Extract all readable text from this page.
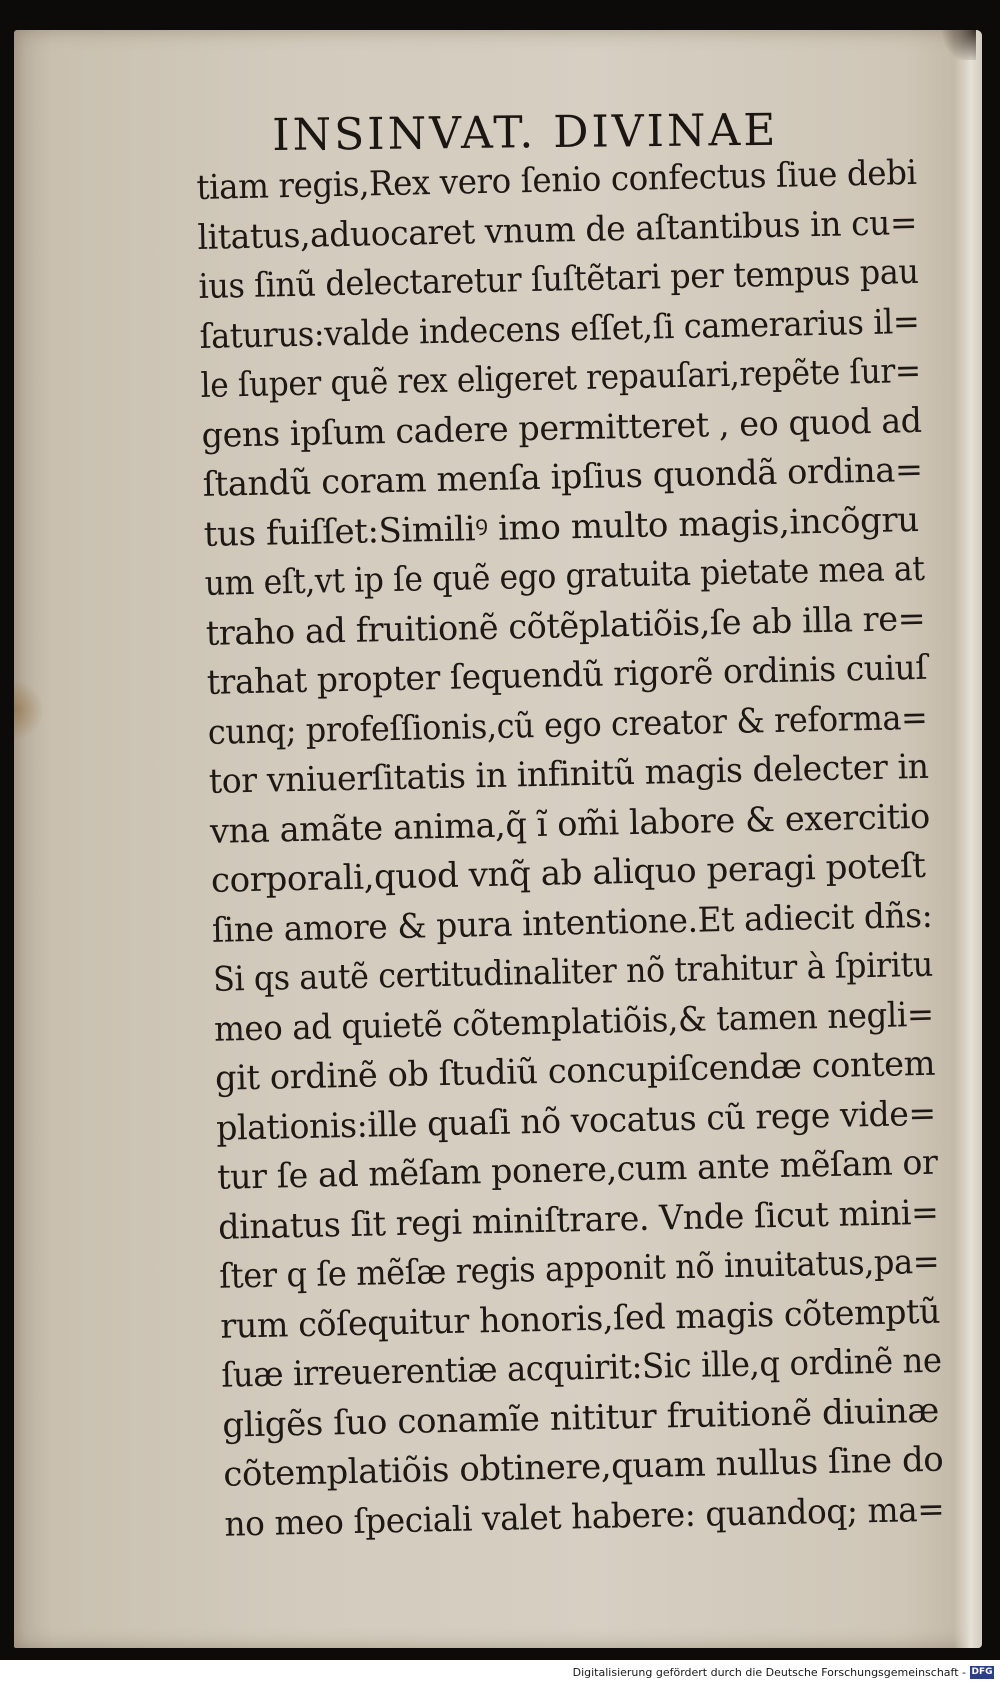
INSINVAT. DIVINAE
tiam regis,Rex vero ſenio confectus ſiue debi
litatus,aduocaret vnum de aſtantibus in cu=
ius ſinũ delectaretur ſuſtẽtari per tempus pau
ſaturus:valde indecens eſſet,ſi camerarius il=
le ſuper quẽ rex eligeret repauſari,repẽte ſur=
gens ipſum cadere permitteret , eo quod ad
ſtandũ coram menſa ipſius quondã ordina=
tus fuiſſet:Similiꝰ imo multo magis,incõgru
um eſt,vt ip ſe quẽ ego gratuita pietate mea at
traho ad fruitionẽ cõtẽplatiõis,ſe ab illa re=
trahat propter ſequendũ rigorẽ ordinis cuiuſ
cunq; profeſſionis,cũ ego creator & reforma=
tor vniuerſitatis in infinitũ magis delecter in
vna amãte anima,q̃ ĩ om̃i labore & exercitio
corporali,quod vnq̃ ab aliquo peragi poteſt
ſine amore & pura intentione.Et adiecit dñs:
Si qs autẽ certitudinaliter nõ trahitur à ſpiritu
meo ad quietẽ cõtemplatiõis,& tamen negli=
git ordinẽ ob ſtudiũ concupiſcendæ contem
plationis:ille quaſi nõ vocatus cũ rege vide=
tur ſe ad mẽſam ponere,cum ante mẽſam or
dinatus ſit regi miniſtrare. Vnde ſicut mini=
ſter q ſe mẽſæ regis apponit nõ inuitatus,pa=
rum cõſequitur honoris,ſed magis cõtemptũ
ſuæ irreuerentiæ acquirit:Sic ille,q ordinẽ ne
gligẽs ſuo conamĩe nititur fruitionẽ diuinæ
cõtemplatiõis obtinere,quam nullus ſine do
no meo ſpeciali valet habere: quandoq; ma=
Digitalisierung gefördert durch die Deutsche Forschungsgemeinschaft - DFG
